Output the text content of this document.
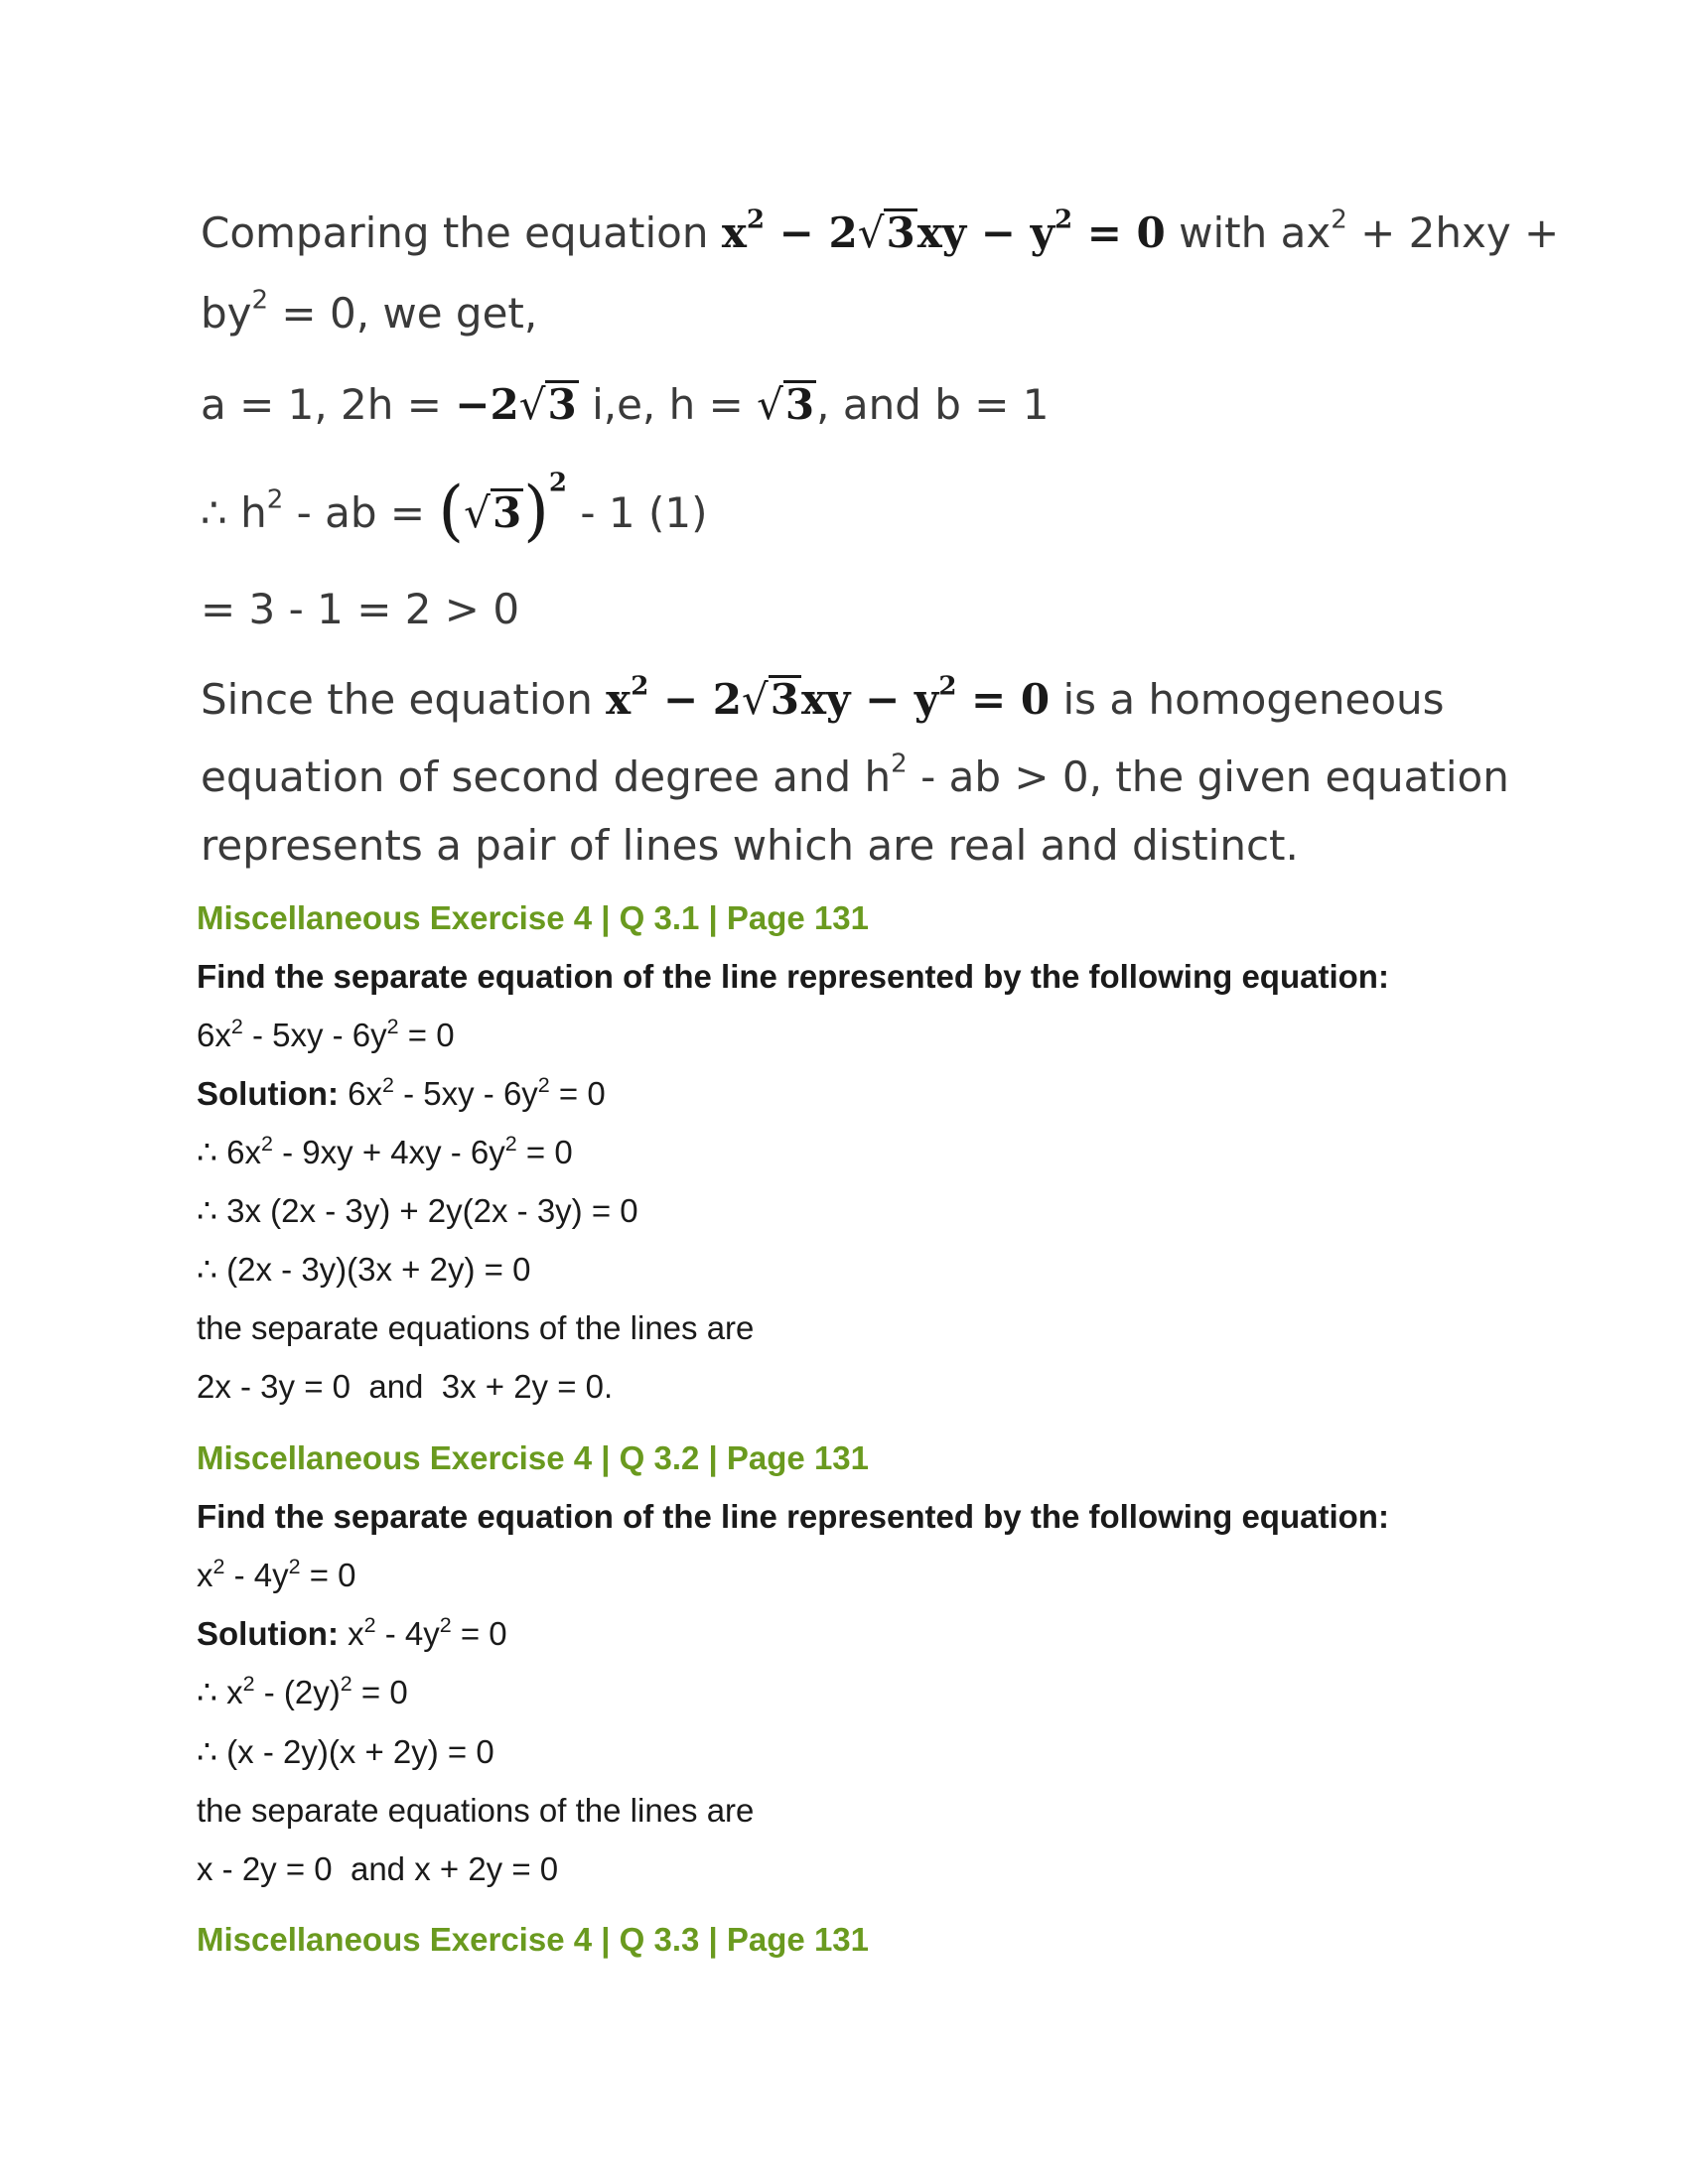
Comparing the equation $x^2 - 2√3xy - y^2 = 0$ with $ax^2 + 2hxy$ +
$by^2 = 0$, we get,
a = 1, 2h = −2√3 i,e, h = √3, and b = 1
∴ $h^2$ - ab = $(√3)^2 - 1$ (1)
= 3 - 1 = 2 > 0
Since the equation $x^2 - 2√3xy - y^2 = 0$ is a homogeneous
equation of second degree and $h^2$ - ab > 0, the given equation
represents a pair of lines which are real and distinct.
Miscellaneous Exercise 4 | Q 3.1 | Page 131
Find the separate equation of the line represented by the following equation:
$6x^2 - 5xy - 6y^2 = 0$
Solution: $6x^2 - 5xy - 6y^2 = 0$
∴ $6x^2 - 9xy + 4xy - 6y^2 = 0$
∴ 3x (2x - 3y) + 2y(2x - 3y) = 0
∴ (2x - 3y)(3x + 2y) = 0
the separate equations of the lines are
2x - 3y = 0  and  3x + 2y = 0.
Miscellaneous Exercise 4 | Q 3.2 | Page 131
Find the separate equation of the line represented by the following equation:
$x^2 - 4y^2 = 0$
Solution: $x^2 - 4y^2 = 0$
∴ $x^2 - (2y)^2 = 0$
∴ (x - 2y)(x + 2y) = 0
the separate equations of the lines are
x - 2y = 0  and x + 2y = 0
Miscellaneous Exercise 4 | Q 3.3 | Page 131
